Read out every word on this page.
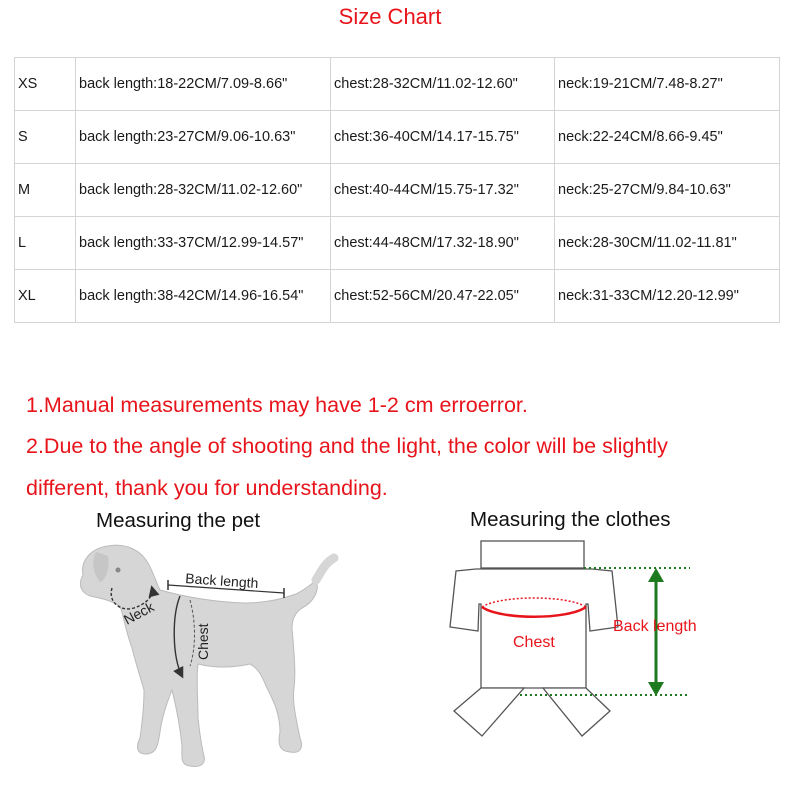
Size Chart
XS	back length:18-22CM/7.09-8.66"	chest:28-32CM/11.02-12.60"	neck:19-21CM/7.48-8.27"
S	back length:23-27CM/9.06-10.63"	chest:36-40CM/14.17-15.75"	neck:22-24CM/8.66-9.45"
M	back length:28-32CM/11.02-12.60"	chest:40-44CM/15.75-17.32"	neck:25-27CM/9.84-10.63"
L	back length:33-37CM/12.99-14.57"	chest:44-48CM/17.32-18.90"	neck:28-30CM/11.02-11.81"
XL	back length:38-42CM/14.96-16.54"	chest:52-56CM/20.47-22.05"	neck:31-33CM/12.20-12.99"
1.Manual measurements may have 1-2 cm erroerror.
2.Due to the angle of shooting and the light, the color will be slightly
different, thank you for understanding.
Measuring the pet	Measuring the clothes
Back length
Neck
Chest	Chest
Back length
